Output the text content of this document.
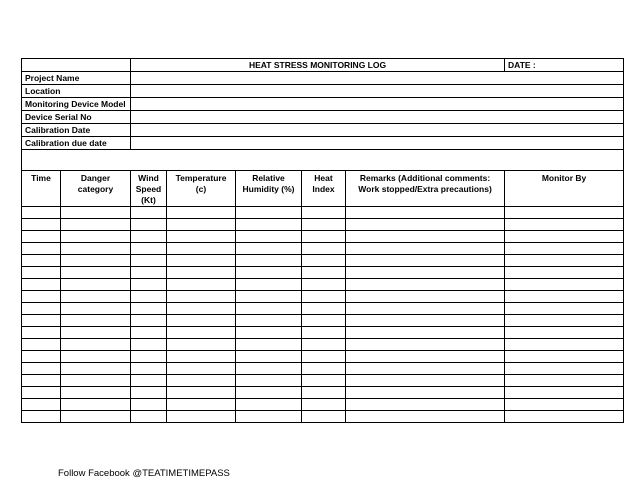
		HEAT STRESS MONITORING LOG					DATE :
Project Name							
Location							
Monitoring Device Model							
Device Serial No							
Calibration Date							
Calibration due date							

Time	Danger category	Wind Speed (Kt)	Temperature (c)	Relative Humidity (%)	Heat Index	Remarks (Additional comments: Work stopped/Extra precautions)	Monitor By

Follow Facebook @TEATIMETIMEPASS
